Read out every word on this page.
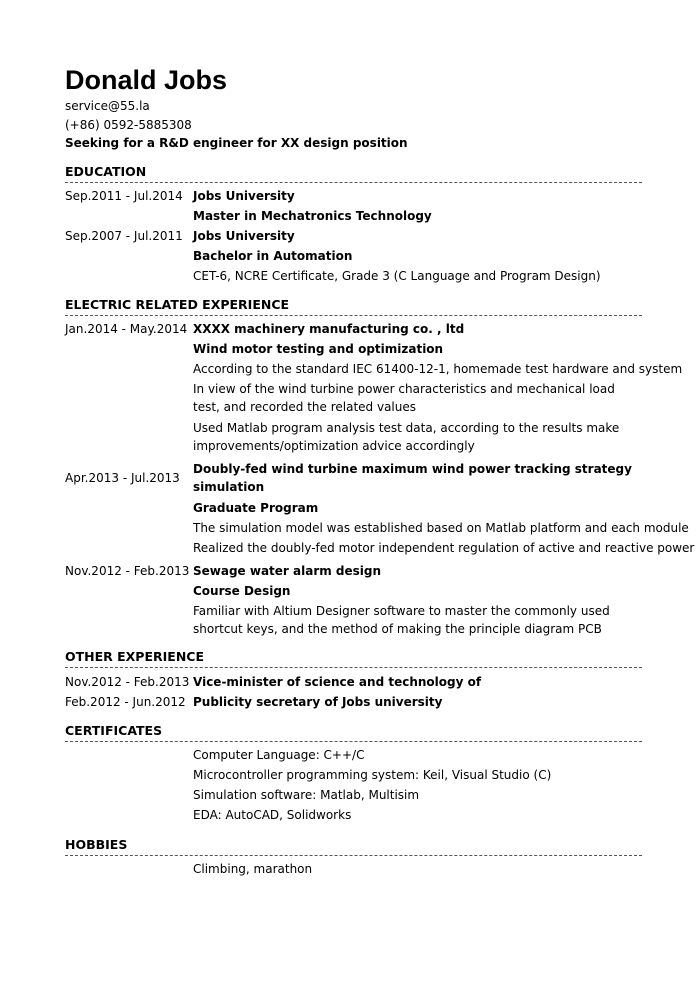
Donald Jobs
service@55.la
(+86) 0592-5885308
Seeking for a R&D engineer for XX design position
EDUCATION
Sep.2011 - Jul.2014 Jobs University
Master in Mechatronics Technology
Sep.2007 - Jul.2011 Jobs University
Bachelor in Automation
CET-6, NCRE Certificate, Grade 3 (C Language and Program Design)
ELECTRIC RELATED EXPERIENCE
Jan.2014 - May.2014 XXXX machinery manufacturing co. , ltd
Wind motor testing and optimization
According to the standard IEC 61400-12-1, homemade test hardware and system
In view of the wind turbine power characteristics and mechanical load test, and recorded the related values
Used Matlab program analysis test data, according to the results make improvements/optimization advice accordingly
Apr.2013 - Jul.2013
Doubly-fed wind turbine maximum wind power tracking strategy simulation
Graduate Program
The simulation model was established based on Matlab platform and each module
Realized the doubly-fed motor independent regulation of active and reactive power
Nov.2012 - Feb.2013 Sewage water alarm design
Course Design
Familiar with Altium Designer software to master the commonly used shortcut keys, and the method of making the principle diagram PCB
OTHER EXPERIENCE
Nov.2012 - Feb.2013 Vice-minister of science and technology of
Feb.2012 - Jun.2012 Publicity secretary of Jobs university
CERTIFICATES
Computer Language: C++/C
Microcontroller programming system: Keil, Visual Studio (C)
Simulation software: Matlab, Multisim
EDA: AutoCAD, Solidworks
HOBBIES
Climbing, marathon
